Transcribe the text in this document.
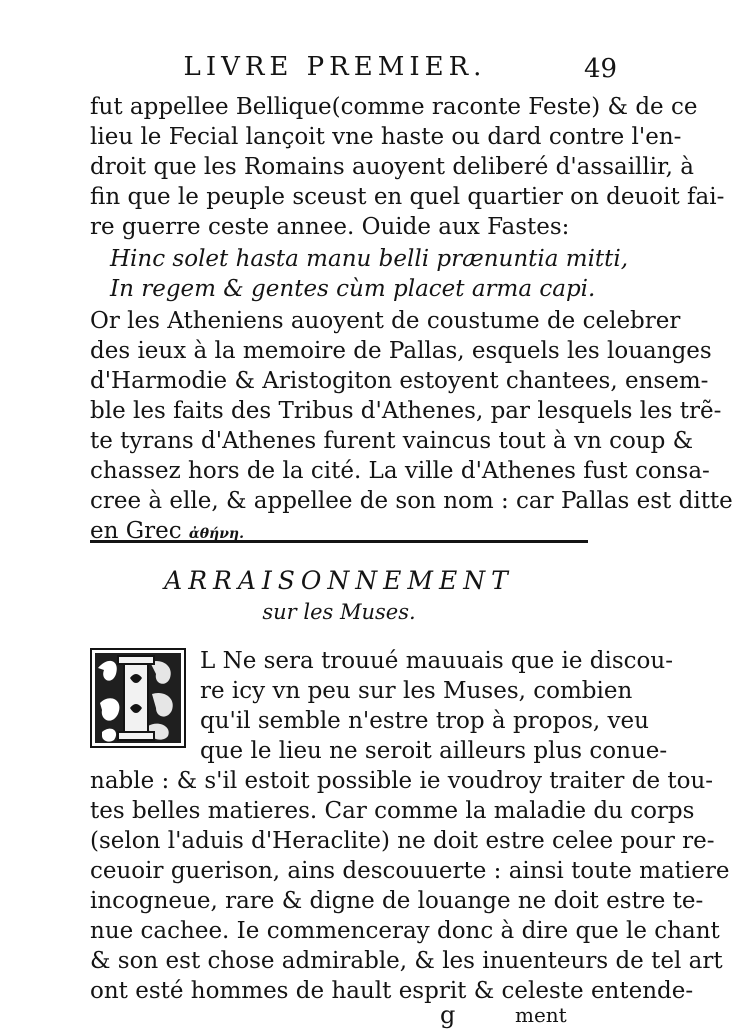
LIVRE PREMIER.	49
fut appellee Bellique(comme raconte Feste) & de ce
lieu le Fecial lançoit vne haste ou dard contre l'en-
droit que les Romains auoyent deliberé d'assaillir, à
fin que le peuple sceust en quel quartier on deuoit fai-
re guerre ceste annee. Ouide aux Fastes:
Hinc solet hasta manu belli prænuntia mitti,
In regem & gentes cùm placet arma capi.
Or les Atheniens auoyent de coustume de celebrer
des ieux à la memoire de Pallas, esquels les louanges
d'Harmodie & Aristogiton estoyent chantees, ensem-
ble les faits des Tribus d'Athenes, par lesquels les trẽ-
te tyrans d'Athenes furent vaincus tout à vn coup &
chassez hors de la cité. La ville d'Athenes fust consa-
cree à elle, & appellee de son nom : car Pallas est ditte
en Grec ἀθήνη.
ARRAISONNEMENT
sur les Muses.
L Ne sera trouué mauuais que ie discou-
re icy vn peu sur les Muses, combien
qu'il semble n'estre trop à propos, veu
que le lieu ne seroit ailleurs plus conue-
nable : & s'il estoit possible ie voudroy traiter de tou-
tes belles matieres. Car comme la maladie du corps
(selon l'aduis d'Heraclite) ne doit estre celee pour re-
ceuoir guerison, ains descouuerte : ainsi toute matiere
incogneue, rare & digne de louange ne doit estre te-
nue cachee. Ie commenceray donc à dire que le chant
& son est chose admirable, & les inuenteurs de tel art
ont esté hommes de hault esprit & celeste entende-
g	ment
